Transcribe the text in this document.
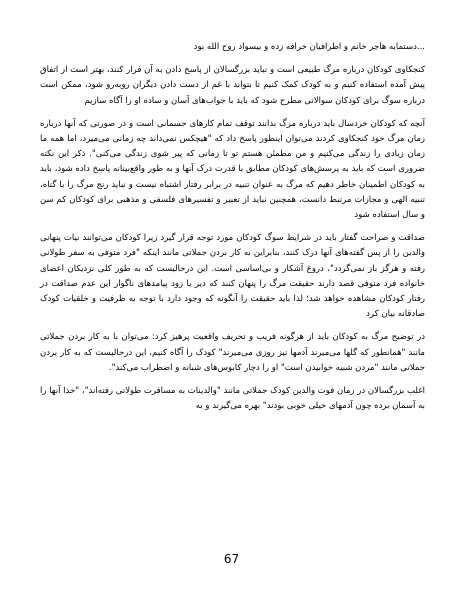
...دستمایه هاجر خانم و اطرافیان خرافه زده و بیسواد روح الله بود

کنجکاوی کودکان درباره مرگ طبیعی است و نباید بزرگسالان از پاسخ دادن به آن فرار کنند، بهتر است از اتفاق پیش آمده استفاده کنیم و به کودک کمک کنیم تا بتواند با غم از دست دادن دیگران روبه‌رو شود، ممکن است درباره سوگ برای کودکان سوالاتی مطرح شود که باید با جواب‌های آسان و ساده او را آگاه سازیم

آنچه که کودکان خردسال باید درباره مرگ بدانند توقف تمام کارهای جسمانی است و در صورتی که آنها درباره زمان مرگ خود کنجکاوی کردند می‌توان اینطور پاسخ داد که "هیچکس نمی‌داند چه زمانی می‌میرد، اما همه ما زمان زیادی را زندگی می‌کنیم و من مطمئن هستم تو تا زمانی که پیر شوی زندگی می‌کنی". ذکر این نکته ضروری است که باید به پرسش‌های کودکان مطابق با قدرت درک آنها و به طور واقع‌بینانه پاسخ داده شود، باید به کودکان اطمینان خاطر دهیم که مرگ به عنوان تنبیه در برابر رفتار اشتباه نیست و نباید رنج مرگ را با گناه، تنبیه الهی و مجازات مرتبط دانست، همچنین نباید از تعبیر و تفسیرهای فلسفی و مذهبی برای کودکان کم سن و سال استفاده شود

صداقت و صراحت گفتار باید در شرایط سوگ کودکان مورد توجه قرار گیرد زیرا کودکان می‌توانند نیات پنهانی والدین را از پس گفته‌های آنها درک کنند، بنابراین به کار بردن جملاتی مانند اینکه "فرد متوفی به سفر طولانی رفته و هرگز باز نمی‌گردد"، دروغ آشکار و بی‌اساسی است. این درحالیست که به طور کلی نزدیکان اعضای خانواده فرد متوفی قصد دارند حقیقت مرگ را پنهان کنند که دیر یا زود پیامدهای ناگوار این عدم صداقت در رفتار کودکان مشاهده خواهد شد؛ لذا باید حقیقت را آنگونه که وجود دارد با توجه به ظرفیت و خلقیات کودک صادقانه بیان کرد

در توضیح مرگ به کودکان باید از هرگونه فریب و تحریف واقعیت پرهیز کرد: می‌توان با به کار بردن جملاتی مانند "همانطور که گلها می‌میرند آدمها نیز روزی می‌میرند" کودک را آگاه کنیم، این درحالیست که به کار بردن جملاتی مانند "مردن شبیه خوابیدن است" او را دچار کابوس‌های شبانه و اضطراب می‌کند".

اغلب بزرگسالان در زمان فوت والدین کودک جملاتی مانند "والدینات به مسافرت طولانی رفته‌اند"، "خدا آنها را به آسمان برده چون آدمهای خیلی خوبی بودند" بهره می‌گیرند و به

67
